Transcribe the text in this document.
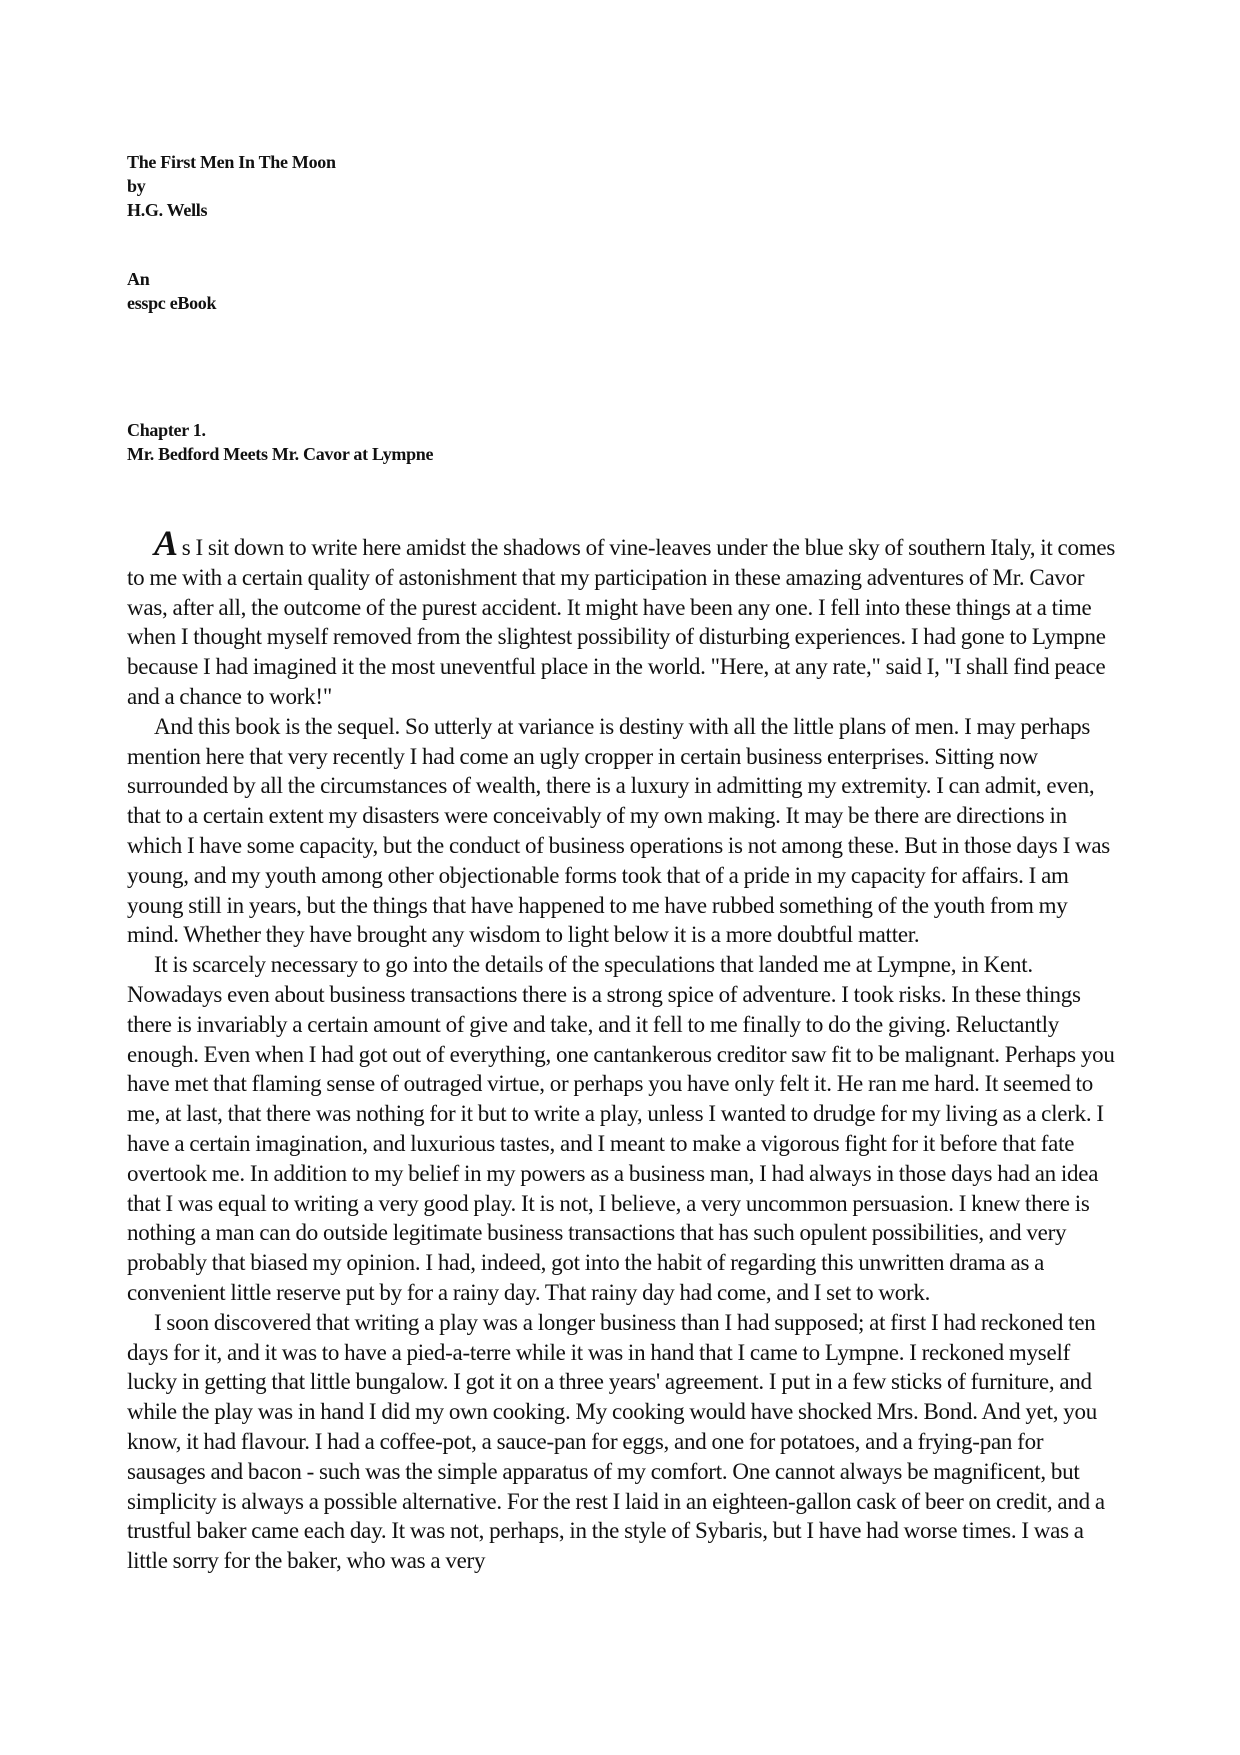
The First Men In The Moon
by
H.G. Wells
An
esspc eBook
Chapter 1.
Mr. Bedford Meets Mr. Cavor at Lympne

As I sit down to write here amidst the shadows of vine-leaves under the blue sky of southern Italy, it comes to me with a certain quality of astonishment that my participation in these amazing adventures of Mr. Cavor was, after all, the outcome of the purest accident. It might have been any one. I fell into these things at a time when I thought myself removed from the slightest possibility of disturbing experiences. I had gone to Lympne because I had imagined it the most uneventful place in the world. "Here, at any rate," said I, "I shall find peace and a chance to work!"

And this book is the sequel. So utterly at variance is destiny with all the little plans of men. I may perhaps mention here that very recently I had come an ugly cropper in certain business enterprises. Sitting now surrounded by all the circumstances of wealth, there is a luxury in admitting my extremity. I can admit, even, that to a certain extent my disasters were conceivably of my own making. It may be there are directions in which I have some capacity, but the conduct of business operations is not among these. But in those days I was young, and my youth among other objectionable forms took that of a pride in my capacity for affairs. I am young still in years, but the things that have happened to me have rubbed something of the youth from my mind. Whether they have brought any wisdom to light below it is a more doubtful matter.

It is scarcely necessary to go into the details of the speculations that landed me at Lympne, in Kent. Nowadays even about business transactions there is a strong spice of adventure. I took risks. In these things there is invariably a certain amount of give and take, and it fell to me finally to do the giving. Reluctantly enough. Even when I had got out of everything, one cantankerous creditor saw fit to be malignant. Perhaps you have met that flaming sense of outraged virtue, or perhaps you have only felt it. He ran me hard. It seemed to me, at last, that there was nothing for it but to write a play, unless I wanted to drudge for my living as a clerk. I have a certain imagination, and luxurious tastes, and I meant to make a vigorous fight for it before that fate overtook me. In addition to my belief in my powers as a business man, I had always in those days had an idea that I was equal to writing a very good play. It is not, I believe, a very uncommon persuasion. I knew there is nothing a man can do outside legitimate business transactions that has such opulent possibilities, and very probably that biased my opinion. I had, indeed, got into the habit of regarding this unwritten drama as a convenient little reserve put by for a rainy day. That rainy day had come, and I set to work.

I soon discovered that writing a play was a longer business than I had supposed; at first I had reckoned ten days for it, and it was to have a pied-a-terre while it was in hand that I came to Lympne. I reckoned myself lucky in getting that little bungalow. I got it on a three years' agreement. I put in a few sticks of furniture, and while the play was in hand I did my own cooking. My cooking would have shocked Mrs. Bond. And yet, you know, it had flavour. I had a coffee-pot, a sauce-pan for eggs, and one for potatoes, and a frying-pan for sausages and bacon - such was the simple apparatus of my comfort. One cannot always be magnificent, but simplicity is always a possible alternative. For the rest I laid in an eighteen-gallon cask of beer on credit, and a trustful baker came each day. It was not, perhaps, in the style of Sybaris, but I have had worse times. I was a little sorry for the baker, who was a very
